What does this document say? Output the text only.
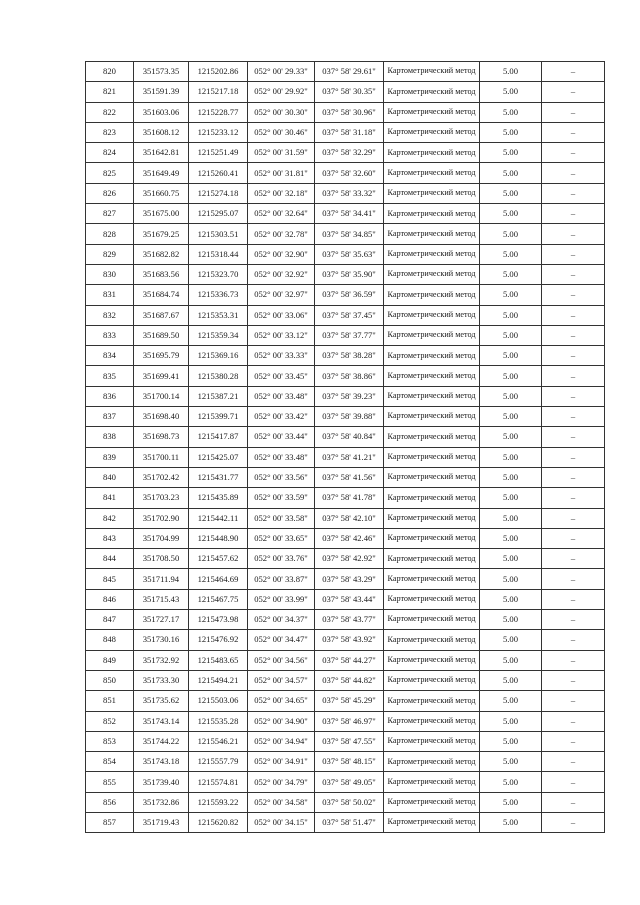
820	351573.35	1215202.86	052° 00' 29.33"	037° 58' 29.61"	Картометрический метод	5.00	–
821	351591.39	1215217.18	052° 00' 29.92"	037° 58' 30.35"	Картометрический метод	5.00	–
822	351603.06	1215228.77	052° 00' 30.30"	037° 58' 30.96"	Картометрический метод	5.00	–
823	351608.12	1215233.12	052° 00' 30.46"	037° 58' 31.18"	Картометрический метод	5.00	–
824	351642.81	1215251.49	052° 00' 31.59"	037° 58' 32.29"	Картометрический метод	5.00	–
825	351649.49	1215260.41	052° 00' 31.81"	037° 58' 32.60"	Картометрический метод	5.00	–
826	351660.75	1215274.18	052° 00' 32.18"	037° 58' 33.32"	Картометрический метод	5.00	–
827	351675.00	1215295.07	052° 00' 32.64"	037° 58' 34.41"	Картометрический метод	5.00	–
828	351679.25	1215303.51	052° 00' 32.78"	037° 58' 34.85"	Картометрический метод	5.00	–
829	351682.82	1215318.44	052° 00' 32.90"	037° 58' 35.63"	Картометрический метод	5.00	–
830	351683.56	1215323.70	052° 00' 32.92"	037° 58' 35.90"	Картометрический метод	5.00	–
831	351684.74	1215336.73	052° 00' 32.97"	037° 58' 36.59"	Картометрический метод	5.00	–
832	351687.67	1215353.31	052° 00' 33.06"	037° 58' 37.45"	Картометрический метод	5.00	–
833	351689.50	1215359.34	052° 00' 33.12"	037° 58' 37.77"	Картометрический метод	5.00	–
834	351695.79	1215369.16	052° 00' 33.33"	037° 58' 38.28"	Картометрический метод	5.00	–
835	351699.41	1215380.28	052° 00' 33.45"	037° 58' 38.86"	Картометрический метод	5.00	–
836	351700.14	1215387.21	052° 00' 33.48"	037° 58' 39.23"	Картометрический метод	5.00	–
837	351698.40	1215399.71	052° 00' 33.42"	037° 58' 39.88"	Картометрический метод	5.00	–
838	351698.73	1215417.87	052° 00' 33.44"	037° 58' 40.84"	Картометрический метод	5.00	–
839	351700.11	1215425.07	052° 00' 33.48"	037° 58' 41.21"	Картометрический метод	5.00	–
840	351702.42	1215431.77	052° 00' 33.56"	037° 58' 41.56"	Картометрический метод	5.00	–
841	351703.23	1215435.89	052° 00' 33.59"	037° 58' 41.78"	Картометрический метод	5.00	–
842	351702.90	1215442.11	052° 00' 33.58"	037° 58' 42.10"	Картометрический метод	5.00	–
843	351704.99	1215448.90	052° 00' 33.65"	037° 58' 42.46"	Картометрический метод	5.00	–
844	351708.50	1215457.62	052° 00' 33.76"	037° 58' 42.92"	Картометрический метод	5.00	–
845	351711.94	1215464.69	052° 00' 33.87"	037° 58' 43.29"	Картометрический метод	5.00	–
846	351715.43	1215467.75	052° 00' 33.99"	037° 58' 43.44"	Картометрический метод	5.00	–
847	351727.17	1215473.98	052° 00' 34.37"	037° 58' 43.77"	Картометрический метод	5.00	–
848	351730.16	1215476.92	052° 00' 34.47"	037° 58' 43.92"	Картометрический метод	5.00	–
849	351732.92	1215483.65	052° 00' 34.56"	037° 58' 44.27"	Картометрический метод	5.00	–
850	351733.30	1215494.21	052° 00' 34.57"	037° 58' 44.82"	Картометрический метод	5.00	–
851	351735.62	1215503.06	052° 00' 34.65"	037° 58' 45.29"	Картометрический метод	5.00	–
852	351743.14	1215535.28	052° 00' 34.90"	037° 58' 46.97"	Картометрический метод	5.00	–
853	351744.22	1215546.21	052° 00' 34.94"	037° 58' 47.55"	Картометрический метод	5.00	–
854	351743.18	1215557.79	052° 00' 34.91"	037° 58' 48.15"	Картометрический метод	5.00	–
855	351739.40	1215574.81	052° 00' 34.79"	037° 58' 49.05"	Картометрический метод	5.00	–
856	351732.86	1215593.22	052° 00' 34.58"	037° 58' 50.02"	Картометрический метод	5.00	–
857	351719.43	1215620.82	052° 00' 34.15"	037° 58' 51.47"	Картометрический метод	5.00	–
